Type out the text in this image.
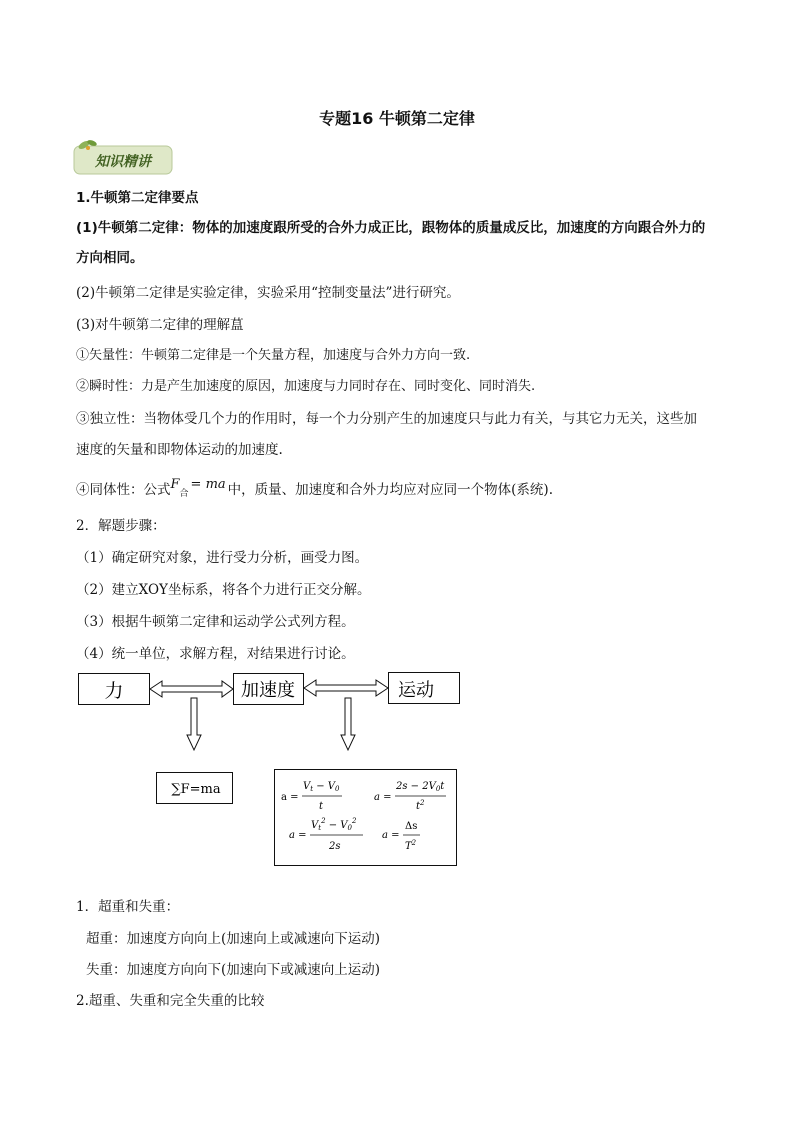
专题16 牛顿第二定律
知识精讲
1.牛顿第二定律要点
(1)牛顿第二定律：物体的加速度跟所受的合外力成正比，跟物体的质量成反比，加速度的方向跟合外力的
方向相同。
(2)牛顿第二定律是实验定律，实验采用“控制变量法”进行研究。
(3)对牛顿第二定律的理解蒀
①矢量性：牛顿第二定律是一个矢量方程，加速度与合外力方向一致.
②瞬时性：力是产生加速度的原因，加速度与力同时存在、同时变化、同时消失.
③独立性：当物体受几个力的作用时，每一个力分别产生的加速度只与此力有关，与其它力无关，这些加
速度的矢量和即物体运动的加速度.
④同体性：公式F合= ma 中，质量、加速度和合外力均应对应同一个物体(系统).
2．解题步骤：
（1）确定研究对象，进行受力分析，画受力图。
（2）建立XOY坐标系，将各个力进行正交分解。
（3）根据牛顿第二定律和运动学公式列方程。
（4）统一单位，求解方程，对结果进行讨论。
力	加速度	运动
∑F=ma
a =
$V_t - V_0$
t
a =
$2s - 2V_0t$
$t^2$
a =
$V_t^2 - V_0^2$
2s
a =
Δs
$T^2$
1．超重和失重：
超重：加速度方向向上(加速向上或减速向下运动)
失重：加速度方向向下(加速向下或减速向上运动)
2.超重、失重和完全失重的比较
